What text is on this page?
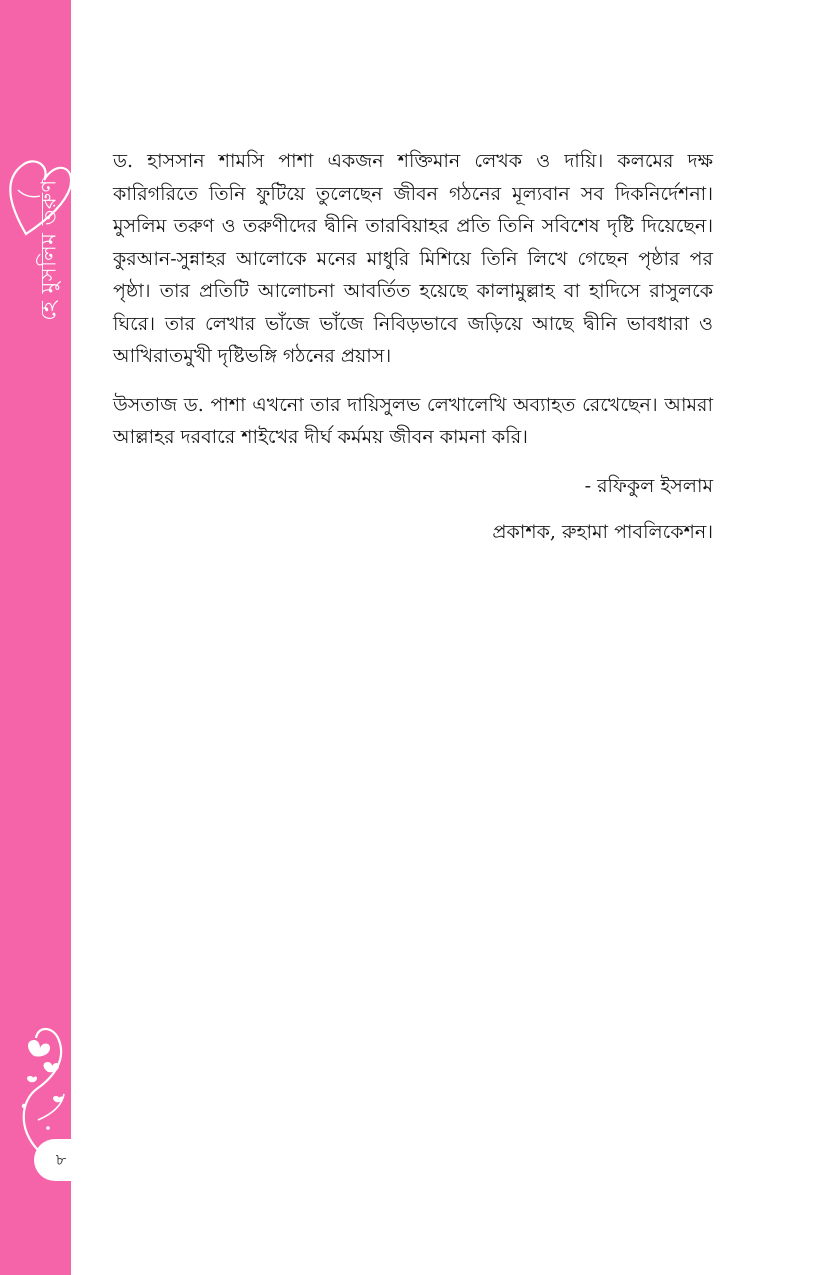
হে মুসলিম তরুণ
৮

ড. হাসসান শামসি পাশা একজন শক্তিমান লেখক ও দায়ি। কলমের দক্ষ কারিগরিতে তিনি ফুটিয়ে তুলেছেন জীবন গঠনের মূল্যবান সব দিকনির্দেশনা। মুসলিম তরুণ ও তরুণীদের দ্বীনি তারবিয়াহর প্রতি তিনি সবিশেষ দৃষ্টি দিয়েছেন। কুরআন-সুন্নাহর আলোকে মনের মাধুরি মিশিয়ে তিনি লিখে গেছেন পৃষ্ঠার পর পৃষ্ঠা। তার প্রতিটি আলোচনা আবর্তিত হয়েছে কালামুল্লাহ বা হাদিসে রাসুলকে ঘিরে। তার লেখার ভাঁজে ভাঁজে নিবিড়ভাবে জড়িয়ে আছে দ্বীনি ভাবধারা ও আখিরাতমুখী দৃষ্টিভঙ্গি গঠনের প্রয়াস।

উসতাজ ড. পাশা এখনো তার দায়িসুলভ লেখালেখি অব্যাহত রেখেছেন। আমরা আল্লাহর দরবারে শাইখের দীর্ঘ কর্মময় জীবন কামনা করি।

- রফিকুল ইসলাম

প্রকাশক, রুহামা পাবলিকেশন।
